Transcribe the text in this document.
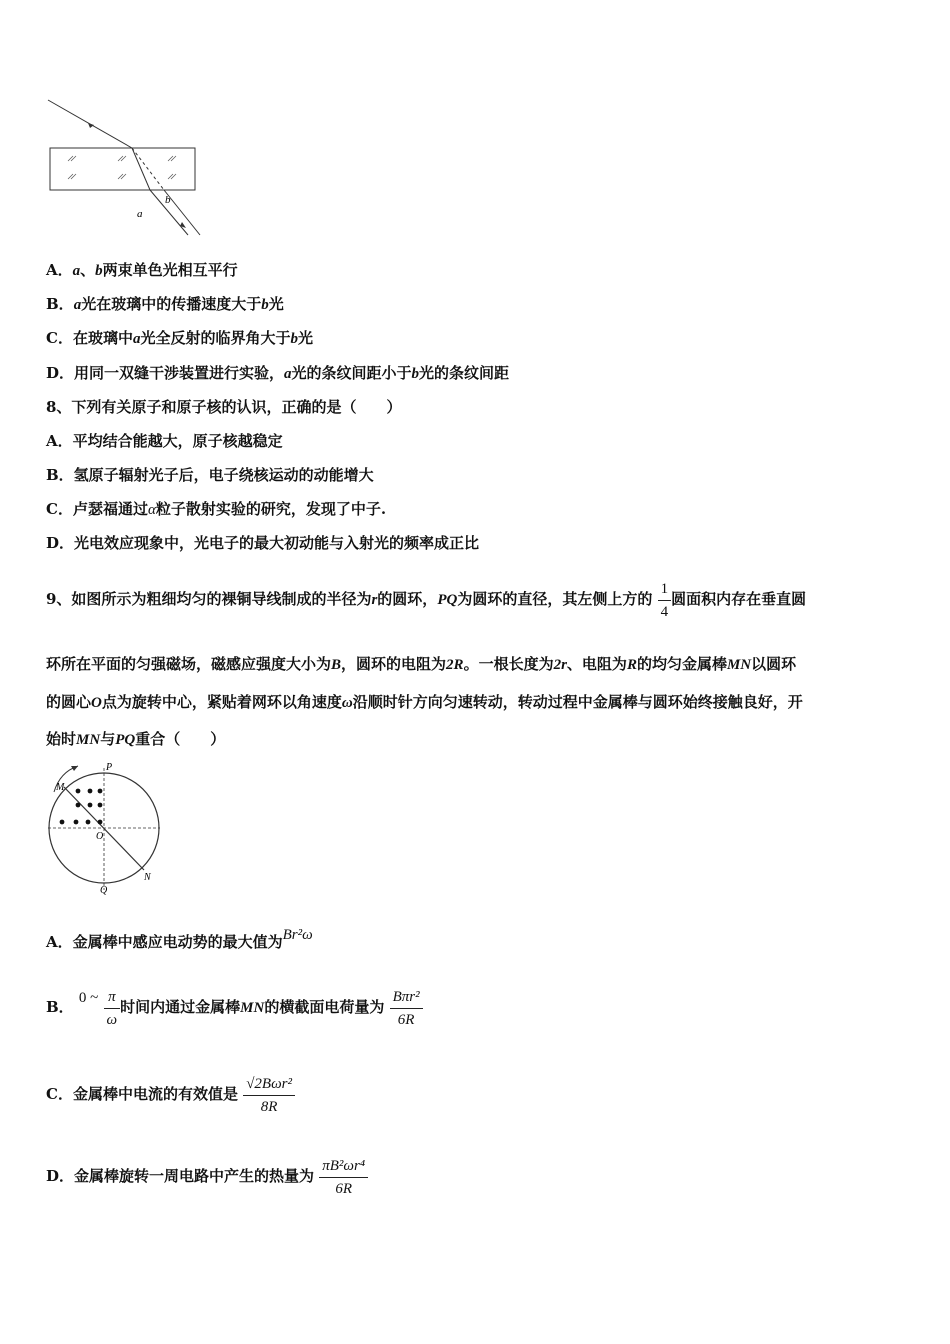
a
b
A．a、b两束单色光相互平行
B．a光在玻璃中的传播速度大于b光
C．在玻璃中a光全反射的临界角大于b光
D．用同一双缝干涉装置进行实验，a光的条纹间距小于b光的条纹间距
8、下列有关原子和原子核的认识，正确的是（　　）
A．平均结合能越大，原子核越稳定
B．氢原子辐射光子后，电子绕核运动的动能增大
C．卢瑟福通过α粒子散射实验的研究，发现了中子.
D．光电效应现象中，光电子的最大初动能与入射光的频率成正比
9、如图所示为粗细均匀的裸铜导线制成的半径为r的圆环，PQ为圆环的直径，其左侧上方的 $\frac{1}{4}$ 圆面积内存在垂直圆
环所在平面的匀强磁场，磁感应强度大小为B，圆环的电阻为2R。一根长度为2r、电阻为R的均匀金属棒MN以圆环
的圆心O点为旋转中心，紧贴着网环以角速度ω沿顺时针方向匀速转动，转动过程中金属棒与圆环始终接触良好，开
始时MN与PQ重合（　　）
P
M
O
Q
N
A．金属棒中感应电动势的最大值为Br²ω
B． 0 ~ $\frac{\pi}{\omega}$ 时间内通过金属棒MN的横截面电荷量为 $\frac{\text{Bπr²}}{6R}$
C．金属棒中电流的有效值是 $\frac{\text{√2Bωr²}}{8R}$
D．金属棒旋转一周电路中产生的热量为 $\frac{\text{πB²ωr⁴}}{6R}$
